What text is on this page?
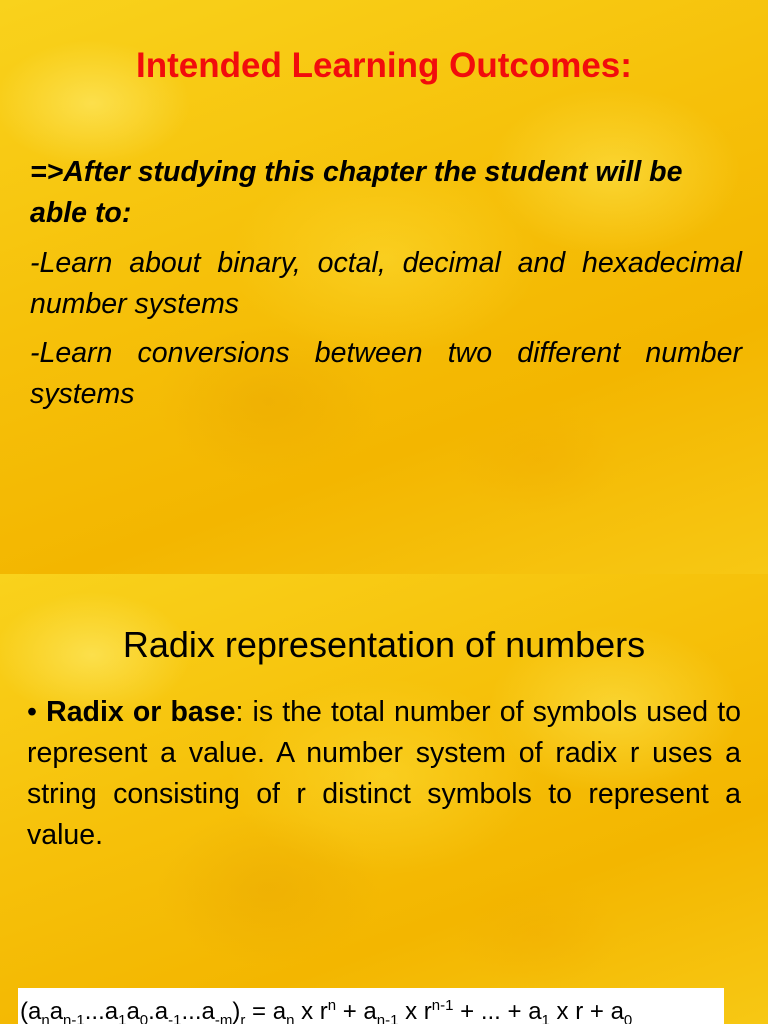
Intended Learning Outcomes:
=>After studying this chapter the student will be able to:
-Learn about binary, octal, decimal and hexadecimal number systems
-Learn conversions between two different number systems
Radix representation of numbers
• Radix or base: is the total number of symbols used to represent a value. A number system of radix r uses a string consisting of r distinct symbols to represent a value.
$(a_na_{n-1}...a_1a_0.a_{-1}...a_{-m})_r = a_n$ x $r^n + a_{n-1}$ x $r^{n-1}$ + ... + $a_1$ x $r + a_0$
